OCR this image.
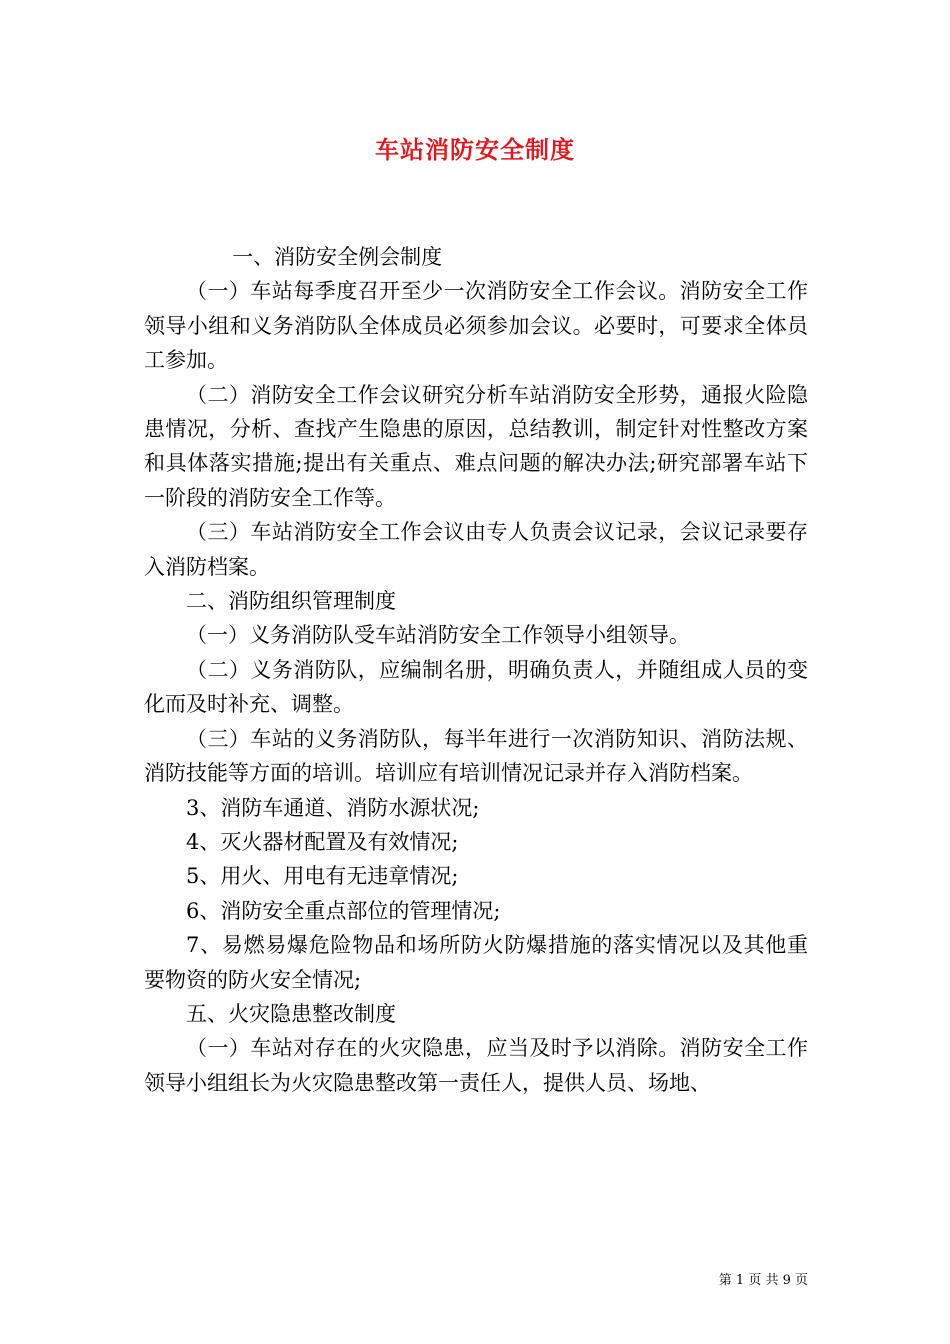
车站消防安全制度

一、消防安全例会制度

（一）车站每季度召开至少一次消防安全工作会议。消防安全工作领导小组和义务消防队全体成员必须参加会议。必要时，可要求全体员工参加。

（二）消防安全工作会议研究分析车站消防安全形势，通报火险隐患情况，分析、查找产生隐患的原因，总结教训，制定针对性整改方案和具体落实措施;提出有关重点、难点问题的解决办法;研究部署车站下一阶段的消防安全工作等。

（三）车站消防安全工作会议由专人负责会议记录，会议记录要存入消防档案。

二、消防组织管理制度

（一）义务消防队受车站消防安全工作领导小组领导。

（二）义务消防队，应编制名册，明确负责人，并随组成人员的变化而及时补充、调整。

（三）车站的义务消防队，每半年进行一次消防知识、消防法规、消防技能等方面的培训。培训应有培训情况记录并存入消防档案。

3、消防车通道、消防水源状况;

4、灭火器材配置及有效情况;

5、用火、用电有无违章情况;

6、消防安全重点部位的管理情况;

7、易燃易爆危险物品和场所防火防爆措施的落实情况以及其他重要物资的防火安全情况;

五、火灾隐患整改制度

（一）车站对存在的火灾隐患，应当及时予以消除。消防安全工作领导小组组长为火灾隐患整改第一责任人，提供人员、场地、

第 1 页 共 9 页
